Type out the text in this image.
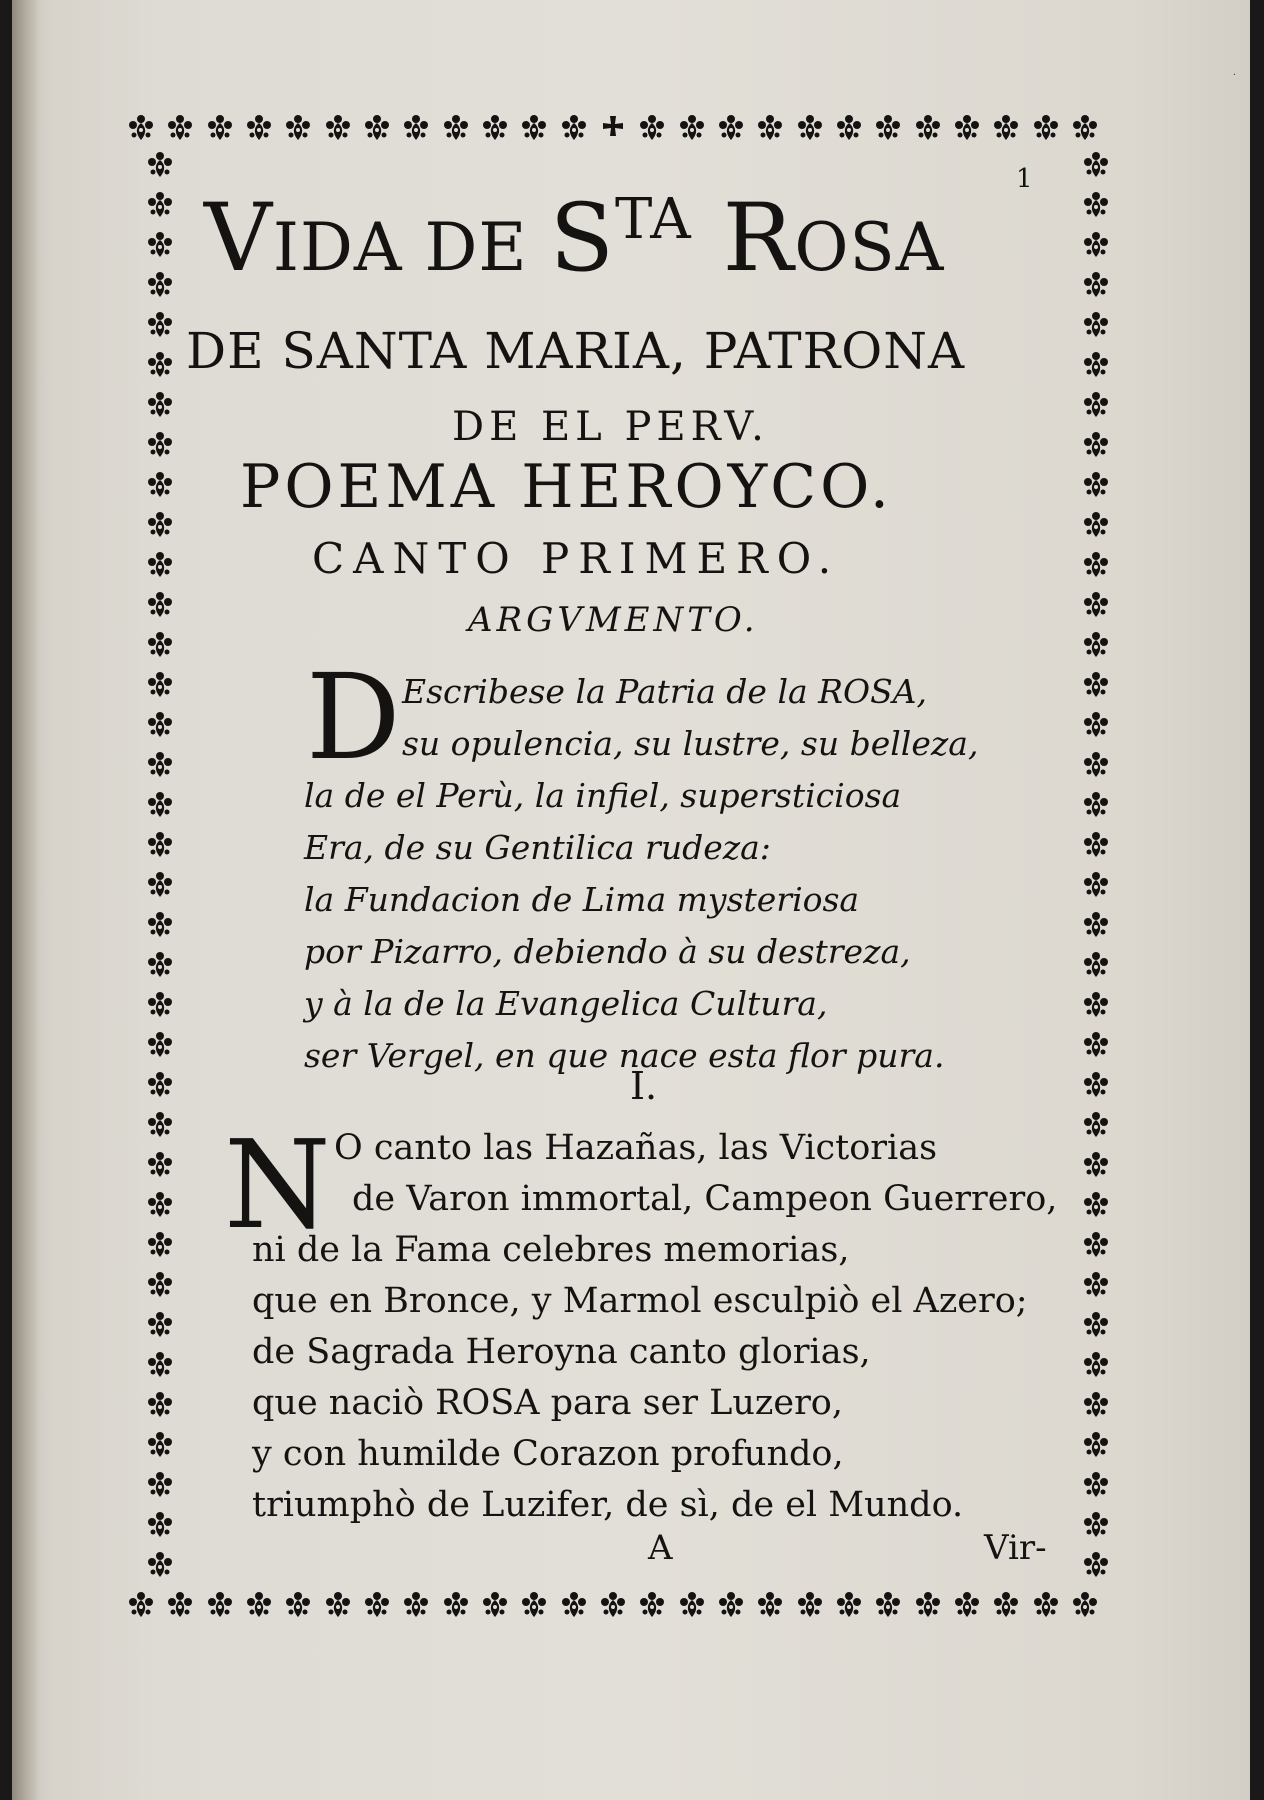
·
1
VIDA DE $S^{TA}$ ROSA
DE SANTA MARIA, PATRONA
DE EL PERV.
POEMA HEROYCO.
CANTO PRIMERO.
ARGVMENTO.
D Escribese la Patria de la ROSA,
su opulencia, su lustre, su belleza,
la de el Perù, la infiel, supersticiosa
Era, de su Gentilica rudeza:
la Fundacion de Lima mysteriosa
por Pizarro, debiendo à su destreza,
y à la de la Evangelica Cultura,
ser Vergel, en que nace esta flor pura.
I.
N O canto las Hazañas, las Victorias
de Varon immortal, Campeon Guerrero,
ni de la Fama celebres memorias,
que en Bronce, y Marmol esculpiò el Azero;
de Sagrada Heroyna canto glorias,
que naciò ROSA para ser Luzero,
y con humilde Corazon profundo,
triumphò de Luzifer, de sì, de el Mundo.
A	Vir-
